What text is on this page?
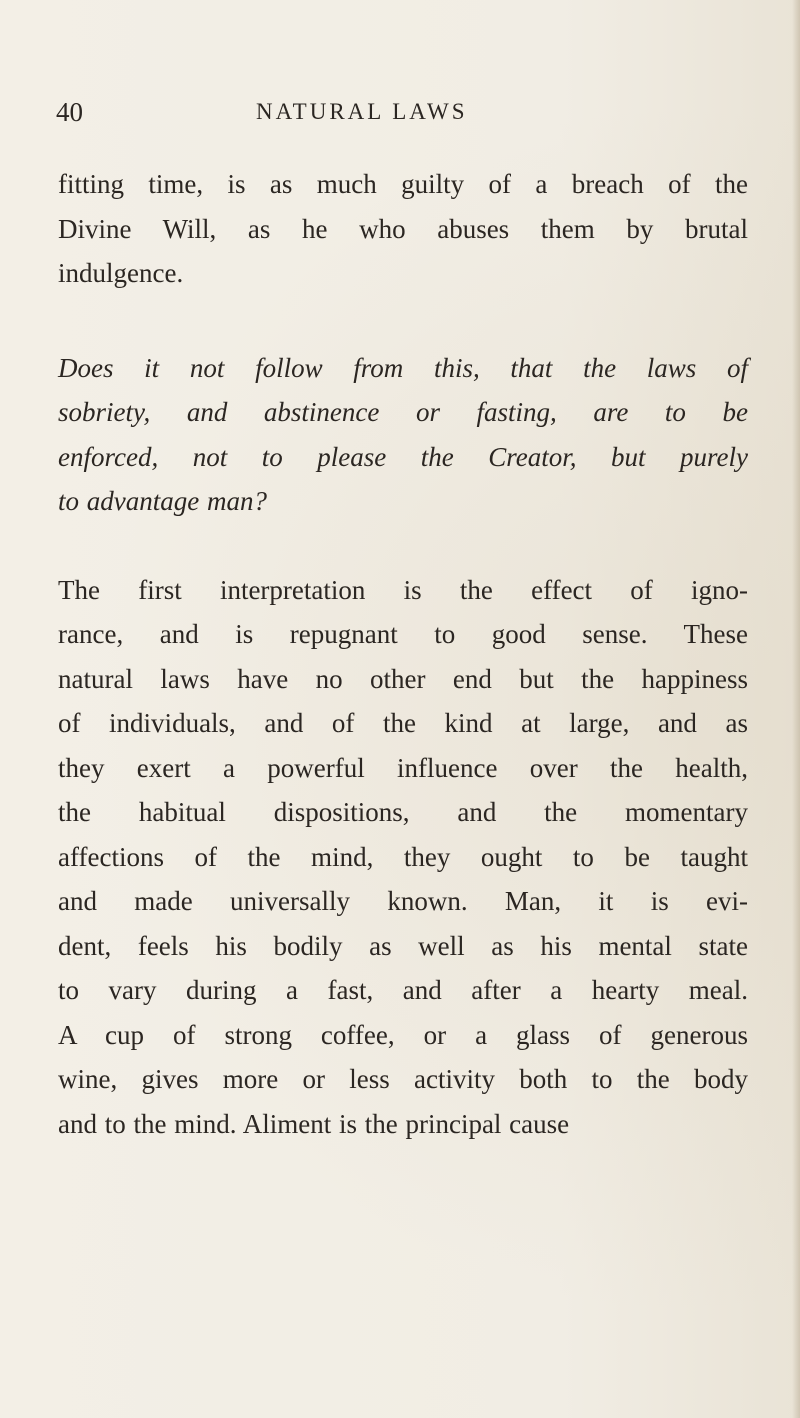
40	NATURAL LAWS
fitting time, is as much guilty of a breach of the
Divine Will, as he who abuses them by brutal
indulgence.
Does it not follow from this, that the laws of
sobriety, and abstinence or fasting, are to be
enforced, not to please the Creator, but purely
to advantage man?
The first interpretation is the effect of igno-
rance, and is repugnant to good sense. These
natural laws have no other end but the happiness
of individuals, and of the kind at large, and as
they exert a powerful influence over the health,
the habitual dispositions, and the momentary
affections of the mind, they ought to be taught
and made universally known. Man, it is evi-
dent, feels his bodily as well as his mental state
to vary during a fast, and after a hearty meal.
A cup of strong coffee, or a glass of generous
wine, gives more or less activity both to the body
and to the mind. Aliment is the principal cause
